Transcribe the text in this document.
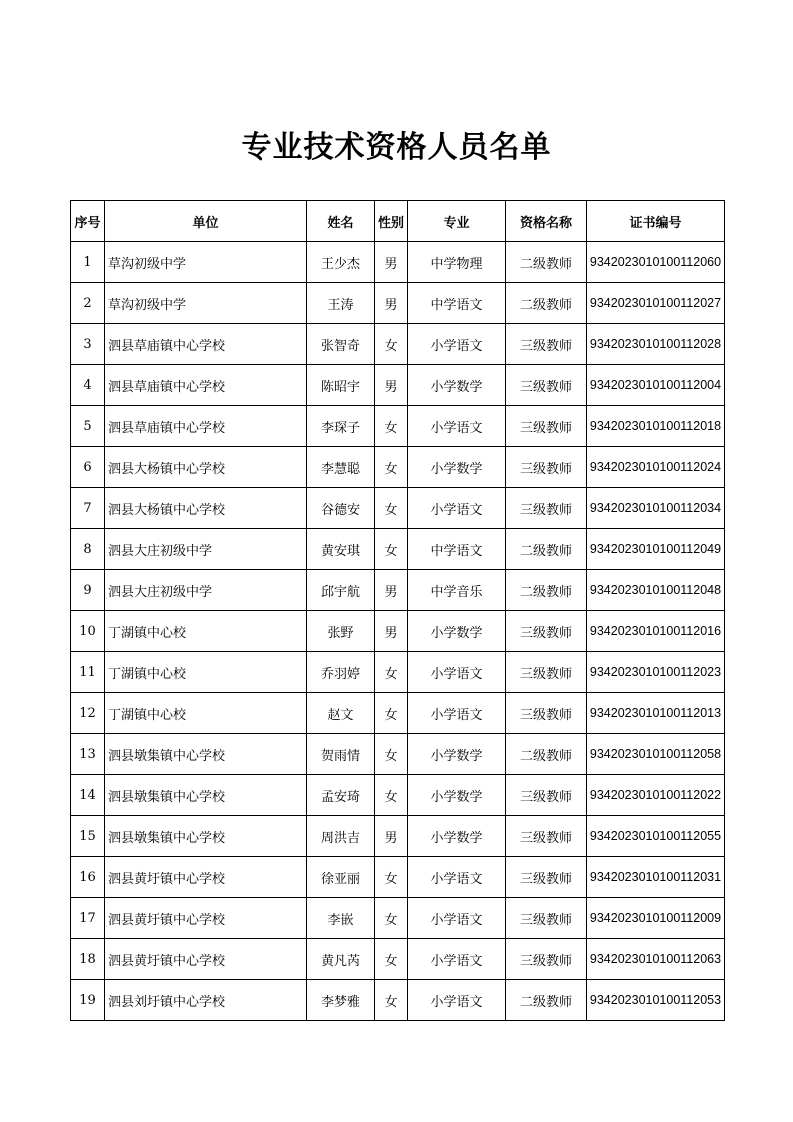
专业技术资格人员名单
序号	单位	姓名	性别	专业	资格名称	证书编号
1	草沟初级中学	王少杰	男	中学物理	二级教师	9342023010100112060
2	草沟初级中学	王涛	男	中学语文	二级教师	9342023010100112027
3	泗县草庙镇中心学校	张智奇	女	小学语文	三级教师	9342023010100112028
4	泗县草庙镇中心学校	陈昭宇	男	小学数学	三级教师	9342023010100112004
5	泗县草庙镇中心学校	李琛子	女	小学语文	三级教师	9342023010100112018
6	泗县大杨镇中心学校	李慧聪	女	小学数学	三级教师	9342023010100112024
7	泗县大杨镇中心学校	谷德安	女	小学语文	三级教师	9342023010100112034
8	泗县大庄初级中学	黄安琪	女	中学语文	二级教师	9342023010100112049
9	泗县大庄初级中学	邱宇航	男	中学音乐	二级教师	9342023010100112048
10	丁湖镇中心校	张野	男	小学数学	三级教师	9342023010100112016
11	丁湖镇中心校	乔羽婷	女	小学语文	三级教师	9342023010100112023
12	丁湖镇中心校	赵文	女	小学语文	三级教师	9342023010100112013
13	泗县墩集镇中心学校	贺雨情	女	小学数学	二级教师	9342023010100112058
14	泗县墩集镇中心学校	孟安琦	女	小学数学	三级教师	9342023010100112022
15	泗县墩集镇中心学校	周洪吉	男	小学数学	三级教师	9342023010100112055
16	泗县黄圩镇中心学校	徐亚丽	女	小学语文	三级教师	9342023010100112031
17	泗县黄圩镇中心学校	李嵌	女	小学语文	三级教师	9342023010100112009
18	泗县黄圩镇中心学校	黄凡芮	女	小学语文	三级教师	9342023010100112063
19	泗县刘圩镇中心学校	李梦雅	女	小学语文	二级教师	9342023010100112053
